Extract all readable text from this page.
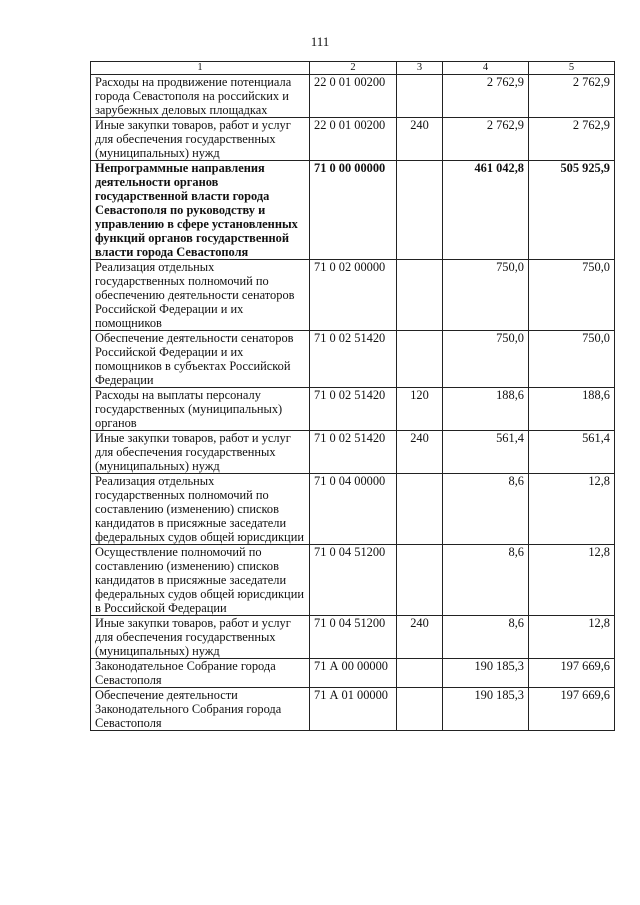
111
1	2	3	4	5
Расходы на продвижение потенциала города Севастополя на российских и зарубежных деловых площадках	22 0 01 00200		2 762,9	2 762,9
Иные закупки товаров, работ и услуг для обеспечения государственных (муниципальных) нужд	22 0 01 00200	240	2 762,9	2 762,9
Непрограммные направления деятельности органов государственной власти города Севастополя по руководству и управлению в сфере установленных функций органов государственной власти города Севастополя	71 0 00 00000		461 042,8	505 925,9
Реализация отдельных государственных полномочий по обеспечению деятельности сенаторов Российской Федерации и их помощников	71 0 02 00000		750,0	750,0
Обеспечение деятельности сенаторов Российской Федерации и их помощников в субъектах Российской Федерации	71 0 02 51420		750,0	750,0
Расходы на выплаты персоналу государственных (муниципальных) органов	71 0 02 51420	120	188,6	188,6
Иные закупки товаров, работ и услуг для обеспечения государственных (муниципальных) нужд	71 0 02 51420	240	561,4	561,4
Реализация отдельных государственных полномочий по составлению (изменению) списков кандидатов в присяжные заседатели федеральных судов общей юрисдикции	71 0 04 00000		8,6	12,8
Осуществление полномочий по составлению (изменению) списков кандидатов в присяжные заседатели федеральных судов общей юрисдикции в Российской Федерации	71 0 04 51200		8,6	12,8
Иные закупки товаров, работ и услуг для обеспечения государственных (муниципальных) нужд	71 0 04 51200	240	8,6	12,8
Законодательное Собрание города Севастополя	71 А 00 00000		190 185,3	197 669,6
Обеспечение деятельности Законодательного Собрания города Севастополя	71 А 01 00000		190 185,3	197 669,6
